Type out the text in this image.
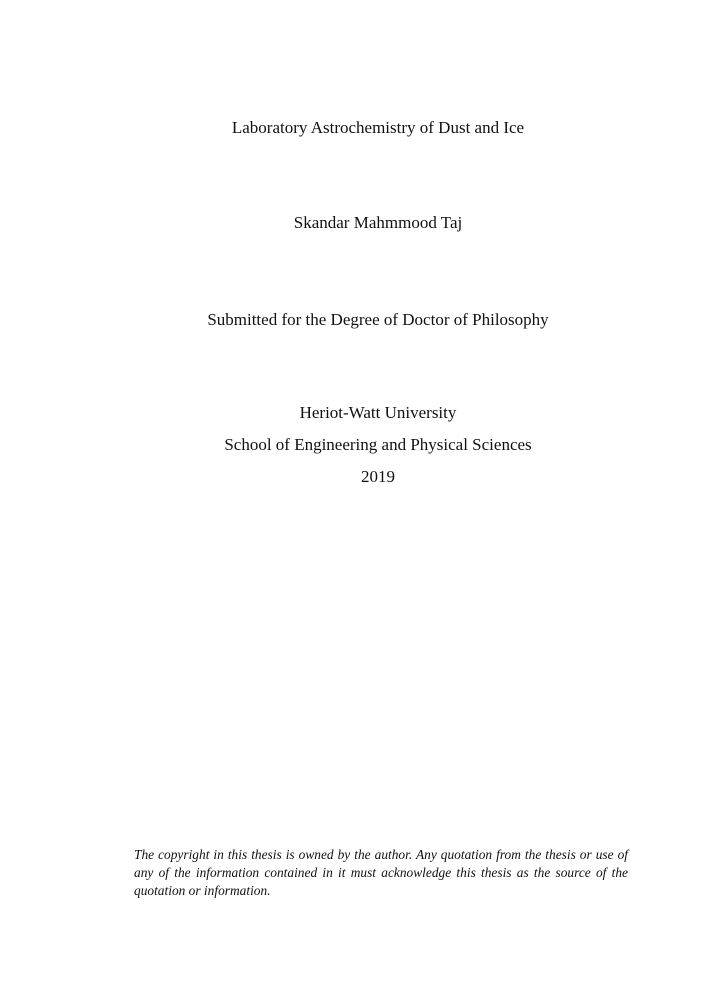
Laboratory Astrochemistry of Dust and Ice
Skandar Mahmmood Taj
Submitted for the Degree of Doctor of Philosophy
Heriot-Watt University
School of Engineering and Physical Sciences
2019
The copyright in this thesis is owned by the author. Any quotation from the thesis or use of any of the information contained in it must acknowledge this thesis as the source of the quotation or information.
